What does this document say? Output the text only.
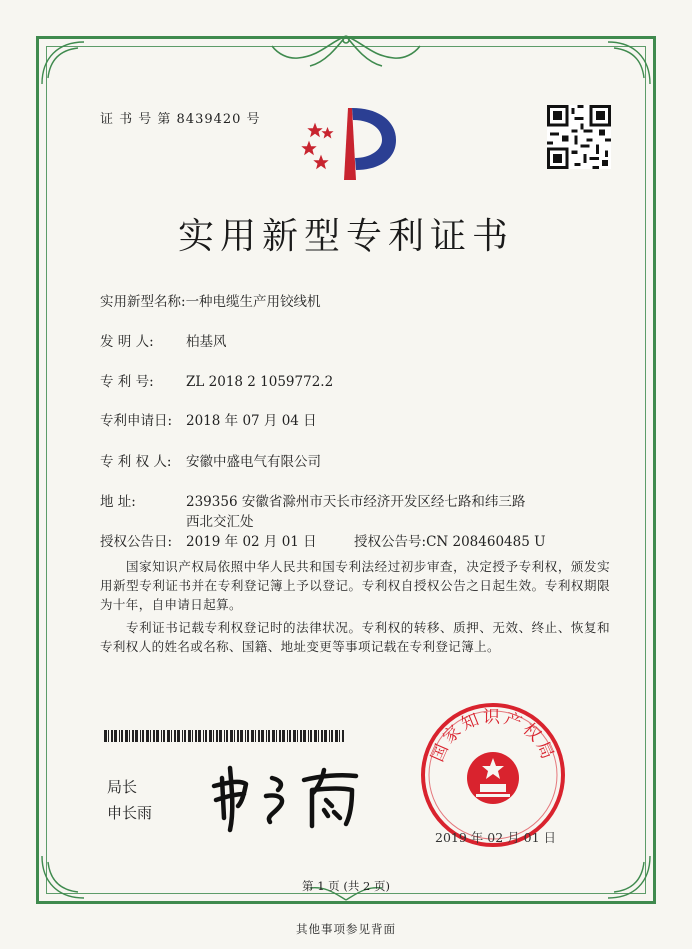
证 书 号 第 8439420 号
实用新型专利证书
实用新型名称:一种电缆生产用铰线机
发 明 人: 柏基风
专 利 号: ZL 2018 2 1059772.2
专利申请日: 2018 年 07 月 04 日
专 利 权 人: 安徽中盛电气有限公司
地 址:	239356 安徽省滁州市天长市经济开发区经七路和纬三路
西北交汇处
授权公告日: 2019 年 02 月 01 日	授权公告号:CN 208460485 U
国家知识产权局依照中华人民共和国专利法经过初步审查，决定授予专利权，颁发实用新型专利证书并在专利登记簿上予以登记。专利权自授权公告之日起生效。专利权期限为十年，自申请日起算。
专利证书记载专利权登记时的法律状况。专利权的转移、质押、无效、终止、恢复和专利权人的姓名或名称、国籍、地址变更等事项记载在专利登记簿上。
局长
申长雨
国家知识产权局
2019 年 02 月 01 日
第 1 页 (共 2 页)
其他事项参见背面
